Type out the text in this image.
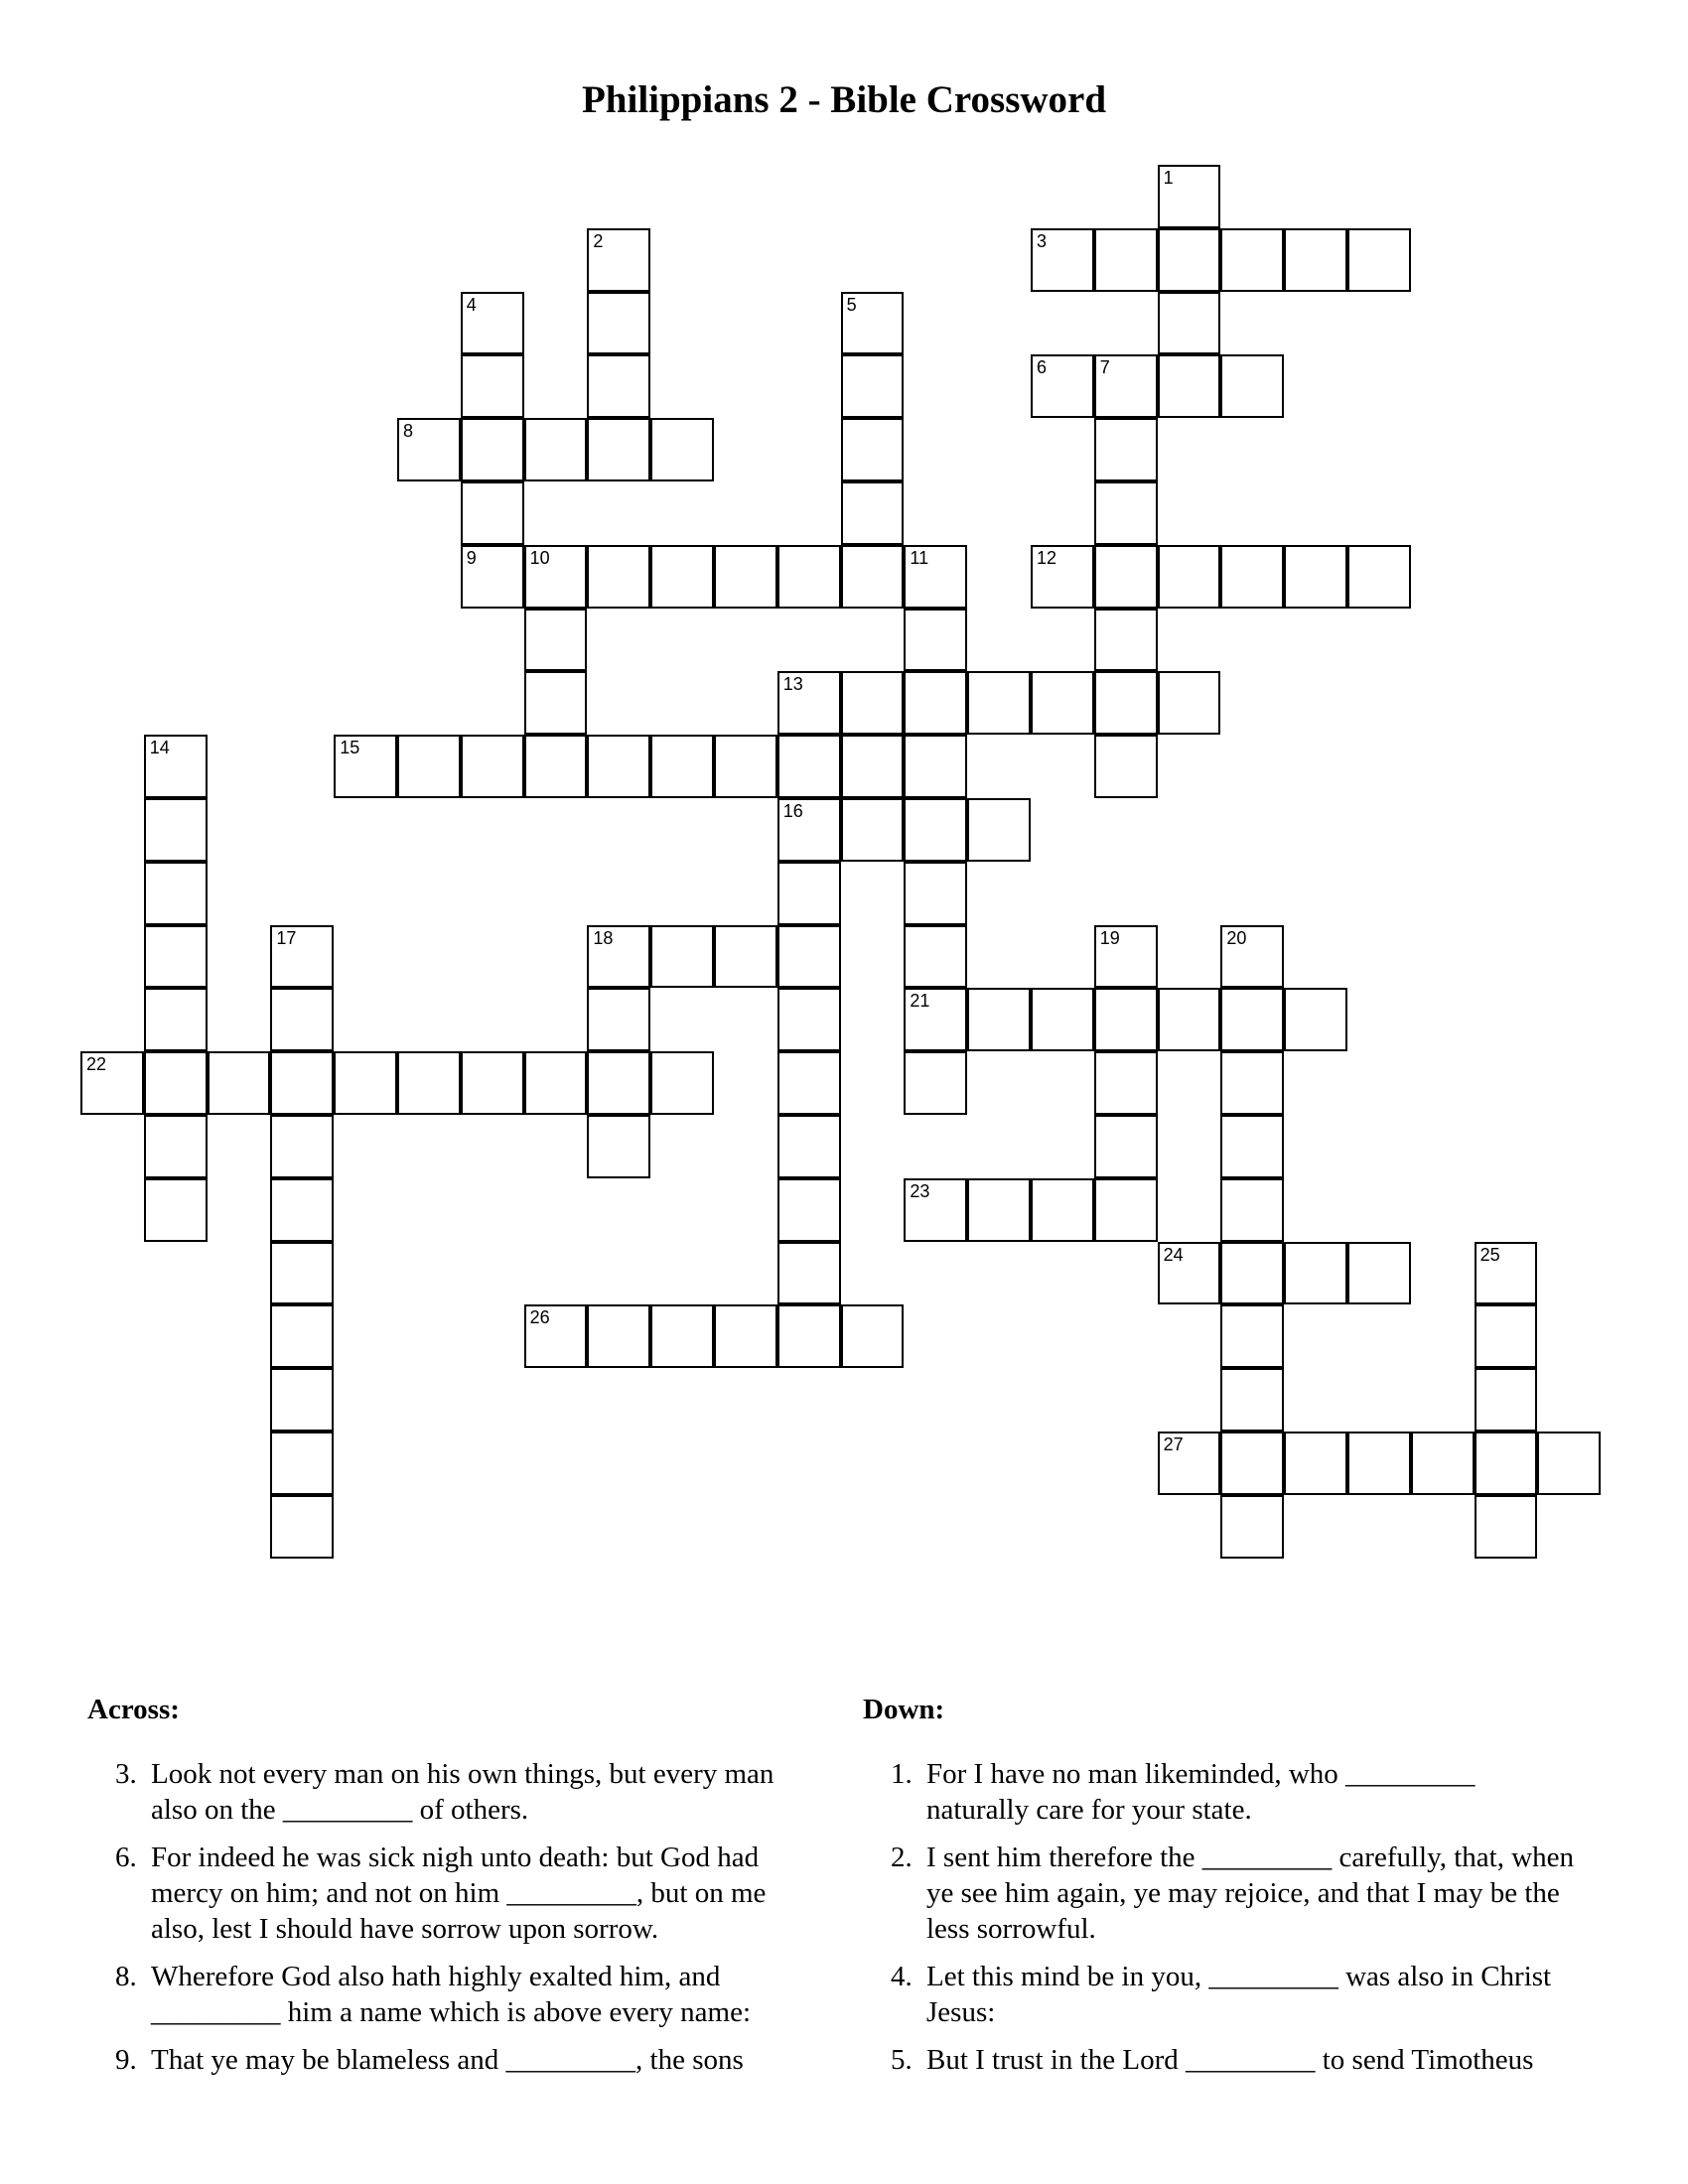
Philippians 2 - Bible Crossword
1
2	3
4
9
5
6	7
8
10	11
21
12
13
14	15
16
17	18	19	20
22
23
24	25
26
27
Across:
3. Look not every man on his own things, but every man also on the _________ of others.
6. For indeed he was sick nigh unto death: but God had mercy on him; and not on him _________, but on me also, lest I should have sorrow upon sorrow.
8. Wherefore God also hath highly exalted him, and _________ him a name which is above every name:
9. That ye may be blameless and _________, the sons
Down:
1. For I have no man likeminded, who _________ naturally care for your state.
2. I sent him therefore the _________ carefully, that, when ye see him again, ye may rejoice, and that I may be the less sorrowful.
4. Let this mind be in you, _________ was also in Christ Jesus:
5. But I trust in the Lord _________ to send Timotheus
